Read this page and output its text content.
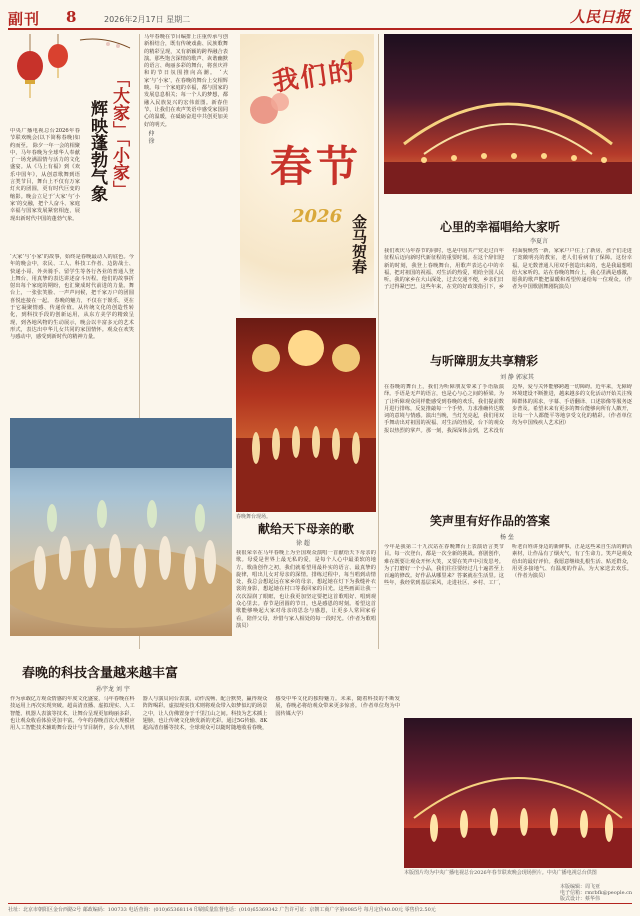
副刊 8	2026年2月17日 星期二	人民日报
「大家」「小家」
辉映蓬勃气象
中央广播电视总台2026年春节联欢晚会(以下简称春晚)如约而至。 除夕一年一会的相聚中，马年春晚为全球华人奉献了一场充满温情与活力的文化盛宴。从《马上有福》到《欢乐中国年》，从创意歌舞到语言类节目，舞台上不仅有万家灯火的团圆，更有时代巨变的缩影。晚会立足于‘大家’与‘小家’的交融，把个人奋斗、家庭幸福与国家发展紧密相连，展现出新时代中国的蓬勃气象。
‘大家’与‘小家’的故事，始终是春晚最动人的底色。今年的晚会中，农民、工人、科技工作者、边防战士、快递小哥、外卖骑手、留学生等各行各业的普通人登上舞台，用真挚的表达讲述奋斗历程。他们的故事折射出每个家庭的期盼，也汇聚成时代前进的力量。舞台上，一张张笑脸、一声声问候，把千家万户的团圆喜悦连接在一起。 春晚的魅力，不仅在于娱乐，更在于它凝聚情感、传递价值。从传统文化的创造性转化，到科技手段的创新运用，从东方美学的精致呈现，到各地风物的生动展示，晚会以丰富多元的艺术形式，表达出中华儿女共同的家国情怀。观众在欢笑与感动中，感受到新时代的精神力量。
马年春晚在节目编排上注重传承与创新相结合，既有传统戏曲、民族歌舞的精彩呈现，又有新颖的跨界融合表演。那些饱含深情的歌声、诙谐幽默的语言、绚丽多彩的舞台，将喜庆祥和的节日氛围推向高潮。 ‘大家’与‘小家’，在春晚的舞台上交相辉映。每一个家庭的幸福，都与国家的发展息息相关；每一个人的梦想，都融入民族复兴的宏伟蓝图。新春佳节，让我们在欢声笑语中感受家国同心的温暖，在砥砺奋进中共创更加美好的明天。
仲 徐
春晚的科技含量越来越丰富
孙宇龙 刘 宇
作为承载亿万观众情感的年度文化盛宴，马年春晚在科技运用上再次实现突破。超高清直播、虚拟现实、人工智能、机器人表演等技术，让舞台呈现更加绚丽多彩，也让观众收看体验更加丰富。今年的春晚首次大规模应用人工智能技术辅助舞台设计与节目制作，多台人形机器人与演员同台表演，动作流畅、配合默契，赢得观众阵阵喝彩。虚拟现实技术则将观众带入如梦似幻的场景之中，让人仿佛置身于千里江山之间。科技为艺术插上翅膀，也让传统文化焕发新的光彩。通过5G传输、8K超高清直播等技术，全球观众可以随时随地收看春晚，感受中华文化的独特魅力。未来，随着科技的不断发展，春晚必将给观众带来更多惊喜。（作者单位均为中国传媒大学）
我们的
春节
2026 金马贺春	心里的幸福唱给大家听
李夏言
我们欢庆马年春节的同时，也是中国共产党走过百年征程后迈向新时代新征程的重要时刻。在这个辞旧迎新的时刻，我登上春晚舞台，用歌声表达心中的幸福，把对祖国的祝福、对生活的热爱，唱给全国人民听。我的家乡在大山深处，过去交通不便，乡亲们日子过得紧巴巴。这些年来，在党的好政策指引下，乡村面貌焕然一新，家家户户住上了新房，孩子们走进了宽敞明亮的教室，老人们看病有了保障。这份幸福，是无数普通人用双手创造出来的，也是我最想唱给大家听的。站在春晚的舞台上，我心里满是感激，愿我的歌声能把温暖和希望传递给每一位观众。（作者为中国歌剧舞剧院演员）
与听障朋友共享精彩
刘 静 郭家其
在春晚的舞台上，我们为听障朋友带来了手语版演绎。手语是无声的语言，也是心与心之间的桥梁。为了让听障观众同样能感受到春晚的欢乐，我们提前数月进行排练，反复推敲每一个手势，力求准确传达歌词的意境与情感。演出当晚，当灯光亮起，我们用双手舞动出对祖国的祝福、对生活的热爱，台下的观众报以热烈的掌声。那一刻，我深深体会到，艺术没有边界，爱与关怀能够跨越一切障碍。近年来，无障碍环境建设不断推进，越来越多的文化活动开始关注残障群体的需求，字幕、手语翻译、口述影像等服务逐步普及。希望未来有更多的舞台能够向所有人敞开，让每一个人都能平等地享受文化的精彩。（作者单位均为中国残疾人艺术团）
春晚舞台现场。
献给天下母亲的歌
徐 超
我很荣幸在马年春晚上为全国观众演唱一首献给天下母亲的歌。母爱是世界上最无私的爱，是每个人心中最柔软的地方。歌曲创作之初，我们就希望用最朴实的语言、最真挚的旋律，唱出儿女对母亲的深情。排练过程中，每当唱到动情处，我总会想起远在家乡的母亲，想起她在灯下为我缝补衣裳的身影，想起她在村口等我回家的目光。这些画面让我一次次湿润了眼眶，也让我更加坚定要把这首歌唱好、唱到观众心里去。春节是团圆的节日，也是感恩的时刻。希望这首歌能够唤起大家对母亲的思念与感恩，让更多人常回家看看，陪伴父母，珍惜与家人相处的每一段时光。（作者为歌唱演员）
笑声里有好作品的答案
杨 垒
今年是我第二十九次站在春晚舞台上表演语言类节目。每一次登台，都是一次全新的挑战。喜剧创作，难在既要让观众开怀大笑，又要在笑声中引发思考。为了打磨好一个小品，我们往往要经过几十遍甚至上百遍的修改。好作品从哪里来？答案就在生活里。这些年，我经常到基层采风，走进社区、乡村、工厂，听老百姓讲身边的新鲜事。正是这些来自生活的鲜活素材，让作品有了烟火气，有了生命力。笑声是观众给出的最好评价。我愿意继续扎根生活、贴近群众，用更多接地气、有温度的作品，为大家送去欢乐。（作者为演员）
本版图片均为中央广播电视总台2026年春节联欢晚会现场照片。中央广播电视总台供图
本版编辑：周飞亚
电子信箱：rmrbfk@people.cn
版式设计：蔡华伟
社址：北京市朝阳区金台西路2号 邮政编码：100733 电话查询：(010)65368114 印刷质量监督电话：(010)65369342 广告许可证：京朝工商广字第0085号 每月定价40.00元 零售价2.50元
